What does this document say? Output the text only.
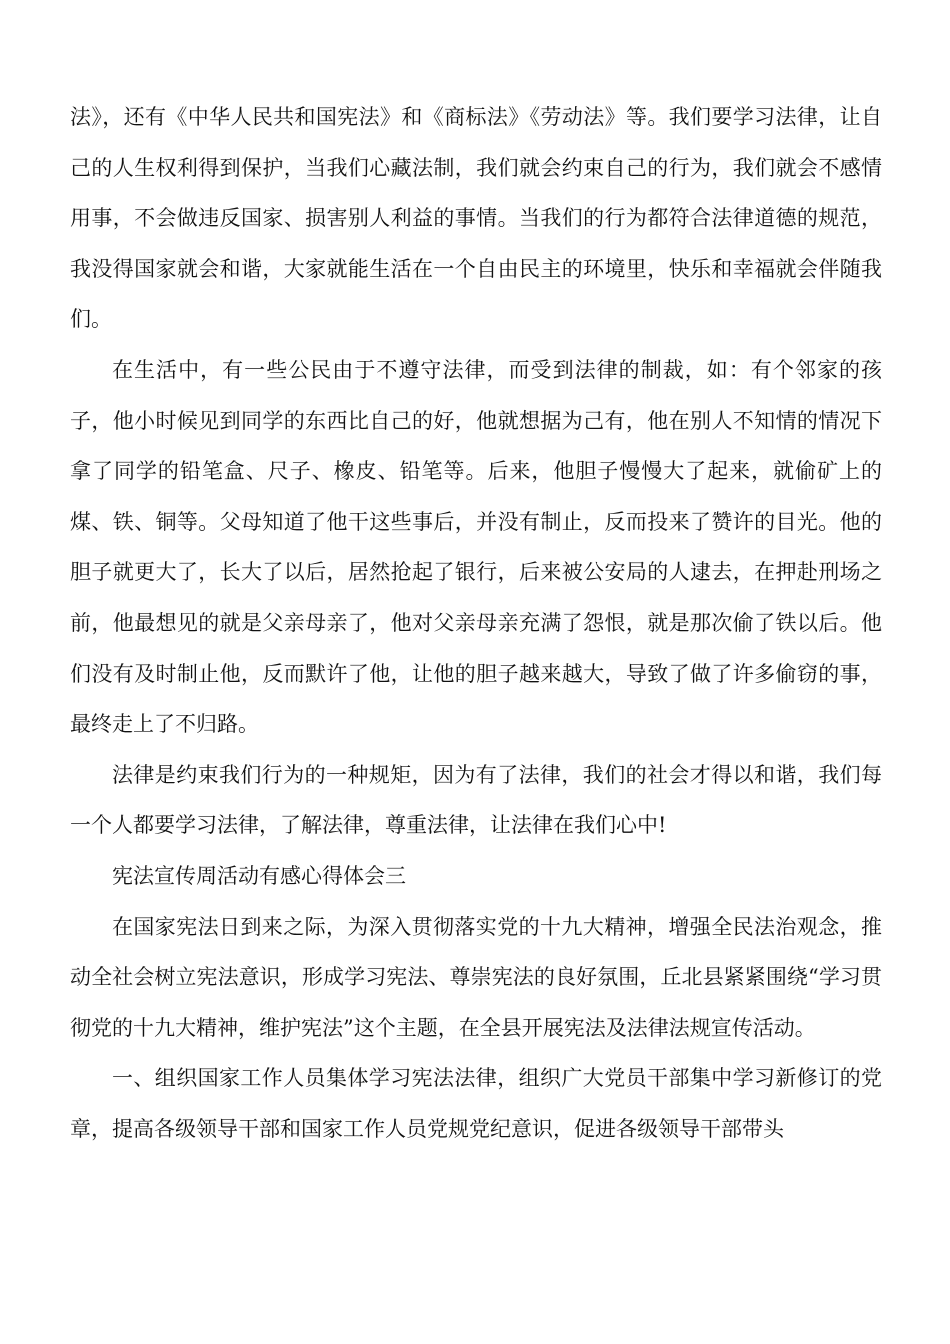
法》，还有《中华人民共和国宪法》和《商标法》《劳动法》等。我们要学习法律，让自己的人生权利得到保护，当我们心藏法制，我们就会约束自己的行为，我们就会不感情用事，不会做违反国家、损害别人利益的事情。当我们的行为都符合法律道德的规范，我没得国家就会和谐，大家就能生活在一个自由民主的环境里，快乐和幸福就会伴随我们。

在生活中，有一些公民由于不遵守法律，而受到法律的制裁，如：有个邻家的孩子，他小时候见到同学的东西比自己的好，他就想据为己有，他在别人不知情的情况下拿了同学的铅笔盒、尺子、橡皮、铅笔等。后来，他胆子慢慢大了起来，就偷矿上的煤、铁、铜等。父母知道了他干这些事后，并没有制止，反而投来了赞许的目光。他的胆子就更大了，长大了以后，居然抢起了银行，后来被公安局的人逮去，在押赴刑场之前，他最想见的就是父亲母亲了，他对父亲母亲充满了怨恨，就是那次偷了铁以后。他们没有及时制止他，反而默许了他，让他的胆子越来越大，导致了做了许多偷窃的事，最终走上了不归路。

法律是约束我们行为的一种规矩，因为有了法律，我们的社会才得以和谐，我们每一个人都要学习法律，了解法律，尊重法律，让法律在我们心中!

宪法宣传周活动有感心得体会三

在国家宪法日到来之际，为深入贯彻落实党的十九大精神，增强全民法治观念，推动全社会树立宪法意识，形成学习宪法、尊崇宪法的良好氛围，丘北县紧紧围绕“学习贯彻党的十九大精神，维护宪法”这个主题，在全县开展宪法及法律法规宣传活动。

一、组织国家工作人员集体学习宪法法律，组织广大党员干部集中学习新修订的党章，提高各级领导干部和国家工作人员党规党纪意识，促进各级领导干部带头
